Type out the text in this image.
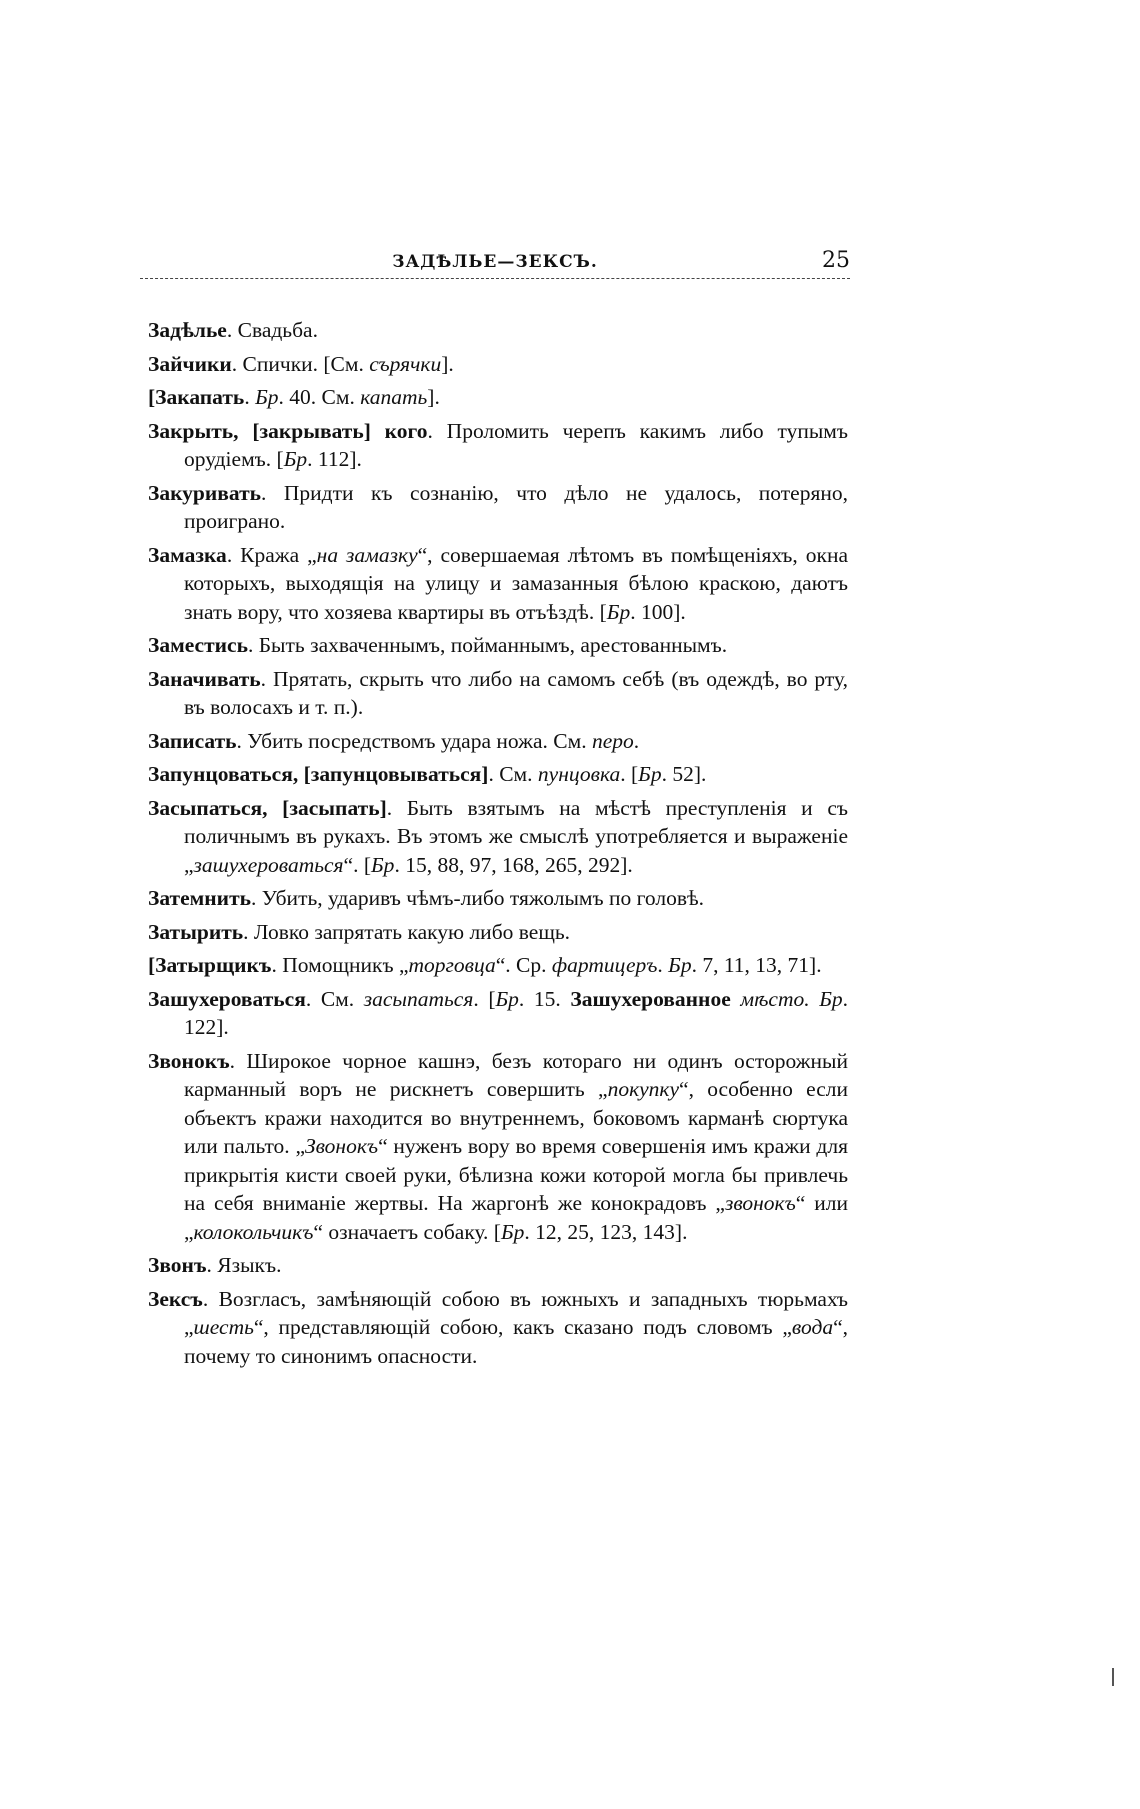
ЗАДѢЛЬЕ—ЗЕКСЪ.	25

Задѣлье. Свадьба.

Зайчики. Спички. [См. сърячки].

[Закапать. Бр. 40. См. капать].

Закрыть, [закрывать] кого. Проломить черепъ какимъ либо тупымъ орудіемъ. [Бр. 112].

Закуривать. Придти къ сознанію, что дѣло не удалось, потеряно, проиграно.

Замазка. Кража „на замазку“, совершаемая лѣтомъ въ помѣщеніяхъ, окна которыхъ, выходящія на улицу и замазанныя бѣлою краскою, даютъ знать вору, что хозяева квартиры въ отъѣздѣ. [Бр. 100].

Заместись. Быть захваченнымъ, пойманнымъ, арестованнымъ.

Заначивать. Прятать, скрыть что либо на самомъ себѣ (въ одеждѣ, во рту, въ волосахъ и т. п.).

Записать. Убить посредствомъ удара ножа. См. перо.

Запунцоваться, [запунцовываться]. См. пунцовка. [Бр. 52].

Засыпаться, [засыпать]. Быть взятымъ на мѣстѣ преступленія и съ поличнымъ въ рукахъ. Въ этомъ же смыслѣ употребляется и выраженіе „зашухероваться“. [Бр. 15, 88, 97, 168, 265, 292].

Затемнить. Убить, ударивъ чѣмъ-либо тяжолымъ по головѣ.

Затырить. Ловко запрятать какую либо вещь.

[Затырщикъ. Помощникъ „торговца“. Ср. фартицеръ. Бр. 7, 11, 13, 71].

Зашухероваться. См. засыпаться. [Бр. 15. Зашухерованное мѣсто. Бр. 122].

Звонокъ. Широкое чорное кашнэ, безъ котораго ни одинъ осторожный карманный воръ не рискнетъ совершить „покупку“, особенно если объектъ кражи находится во внутреннемъ, боковомъ карманѣ сюртука или пальто. „Звонокъ“ нуженъ вору во время совершенія имъ кражи для прикрытія кисти своей руки, бѣлизна кожи которой могла бы привлечь на себя вниманіе жертвы. На жаргонѣ же конокрадовъ „звонокъ“ или „колокольчикъ“ означаетъ собаку. [Бр. 12, 25, 123, 143].

Звонъ. Языкъ.

Зексъ. Возгласъ, замѣняющій собою въ южныхъ и западныхъ тюрьмахъ „шесть“, представляющій собою, какъ сказано подъ словомъ „вода“, почему то синонимъ опасности.
